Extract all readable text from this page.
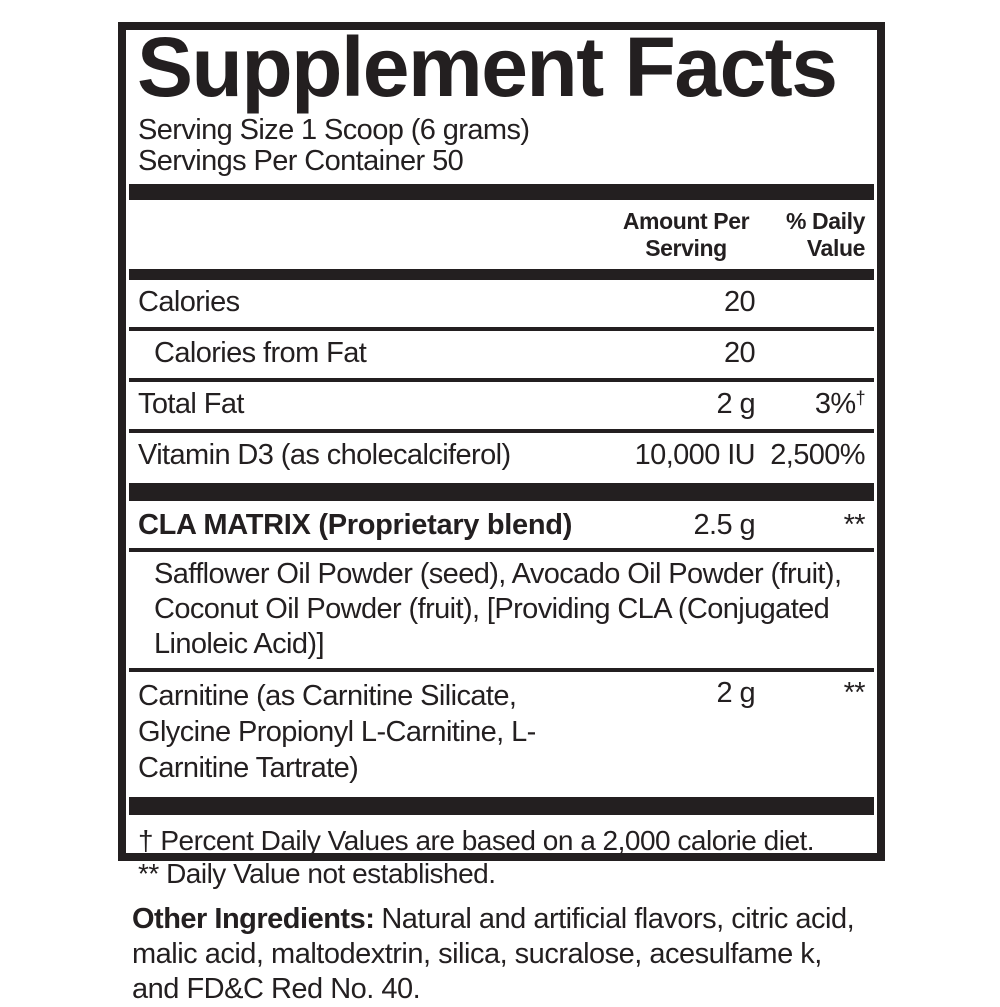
Supplement Facts
Serving Size 1 Scoop (6 grams)
Servings Per Container 50
Amount Per Serving
% Daily Value
Calories	20
Calories from Fat	20
Total Fat	2 g	3%†
Vitamin D3 (as cholecalciferol)	10,000 IU 2,500%
CLA MATRIX (Proprietary blend)	2.5 g	**
Safflower Oil Powder (seed), Avocado Oil Powder (fruit),
Coconut Oil Powder (fruit), [Providing CLA (Conjugated
Linoleic Acid)]
Carnitine (as Carnitine Silicate,
Glycine Propionyl L-Carnitine, L-Carnitine Tartrate)
2 g	**
† Percent Daily Values are based on a 2,000 calorie diet.
** Daily Value not established.

Other Ingredients: Natural and artificial flavors, citric acid, malic acid, maltodextrin, silica, sucralose, acesulfame k, and FD&C Red No. 40.
